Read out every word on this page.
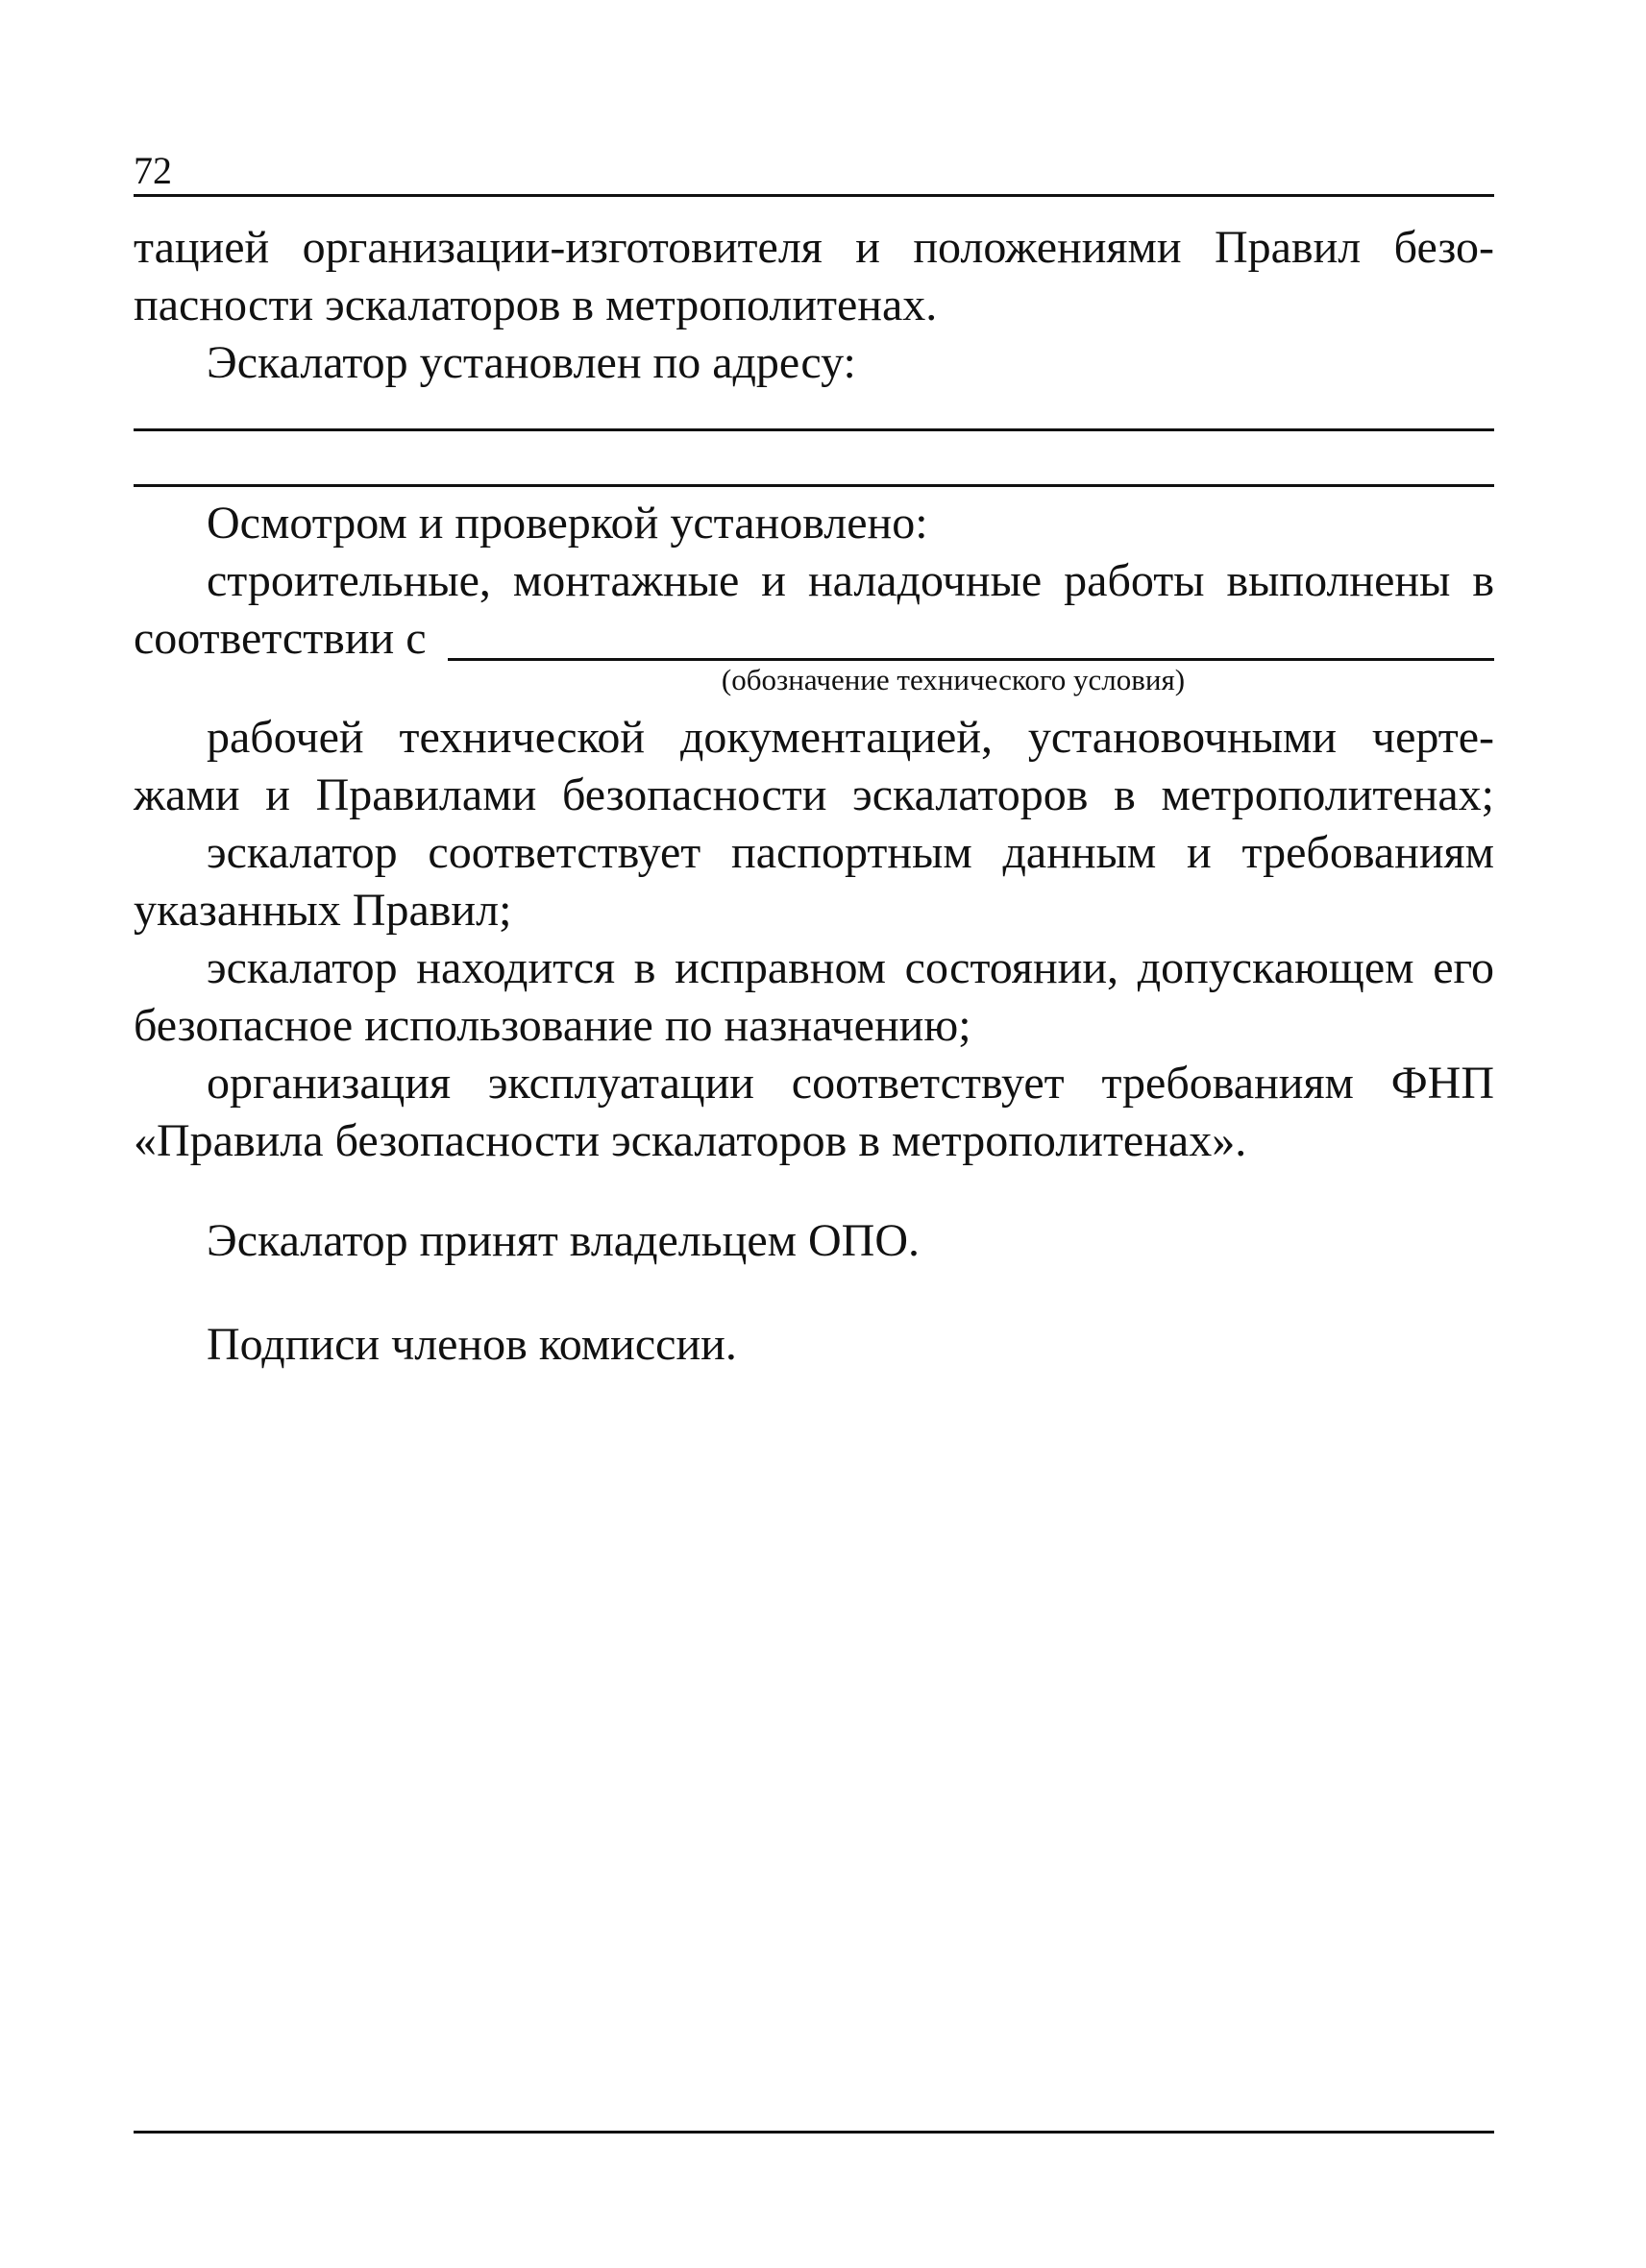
72
тацией организации-изготовителя и положениями Правил безо-
пасности эскалаторов в метрополитенах.
Эскалатор установлен по адресу:
Осмотром и проверкой установлено:
строительные, монтажные и наладочные работы выполнены в
соответствии с
(обозначение технического условия)
рабочей технической документацией, установочными черте-
жами и Правилами безопасности эскалаторов в метрополитенах;
эскалатор соответствует паспортным данным и требованиям
указанных Правил;
эскалатор находится в исправном состоянии, допускающем его
безопасное использование по назначению;
организация эксплуатации соответствует требованиям ФНП
«Правила безопасности эскалаторов в метрополитенах».
Эскалатор принят владельцем ОПО.
Подписи членов комиссии.
